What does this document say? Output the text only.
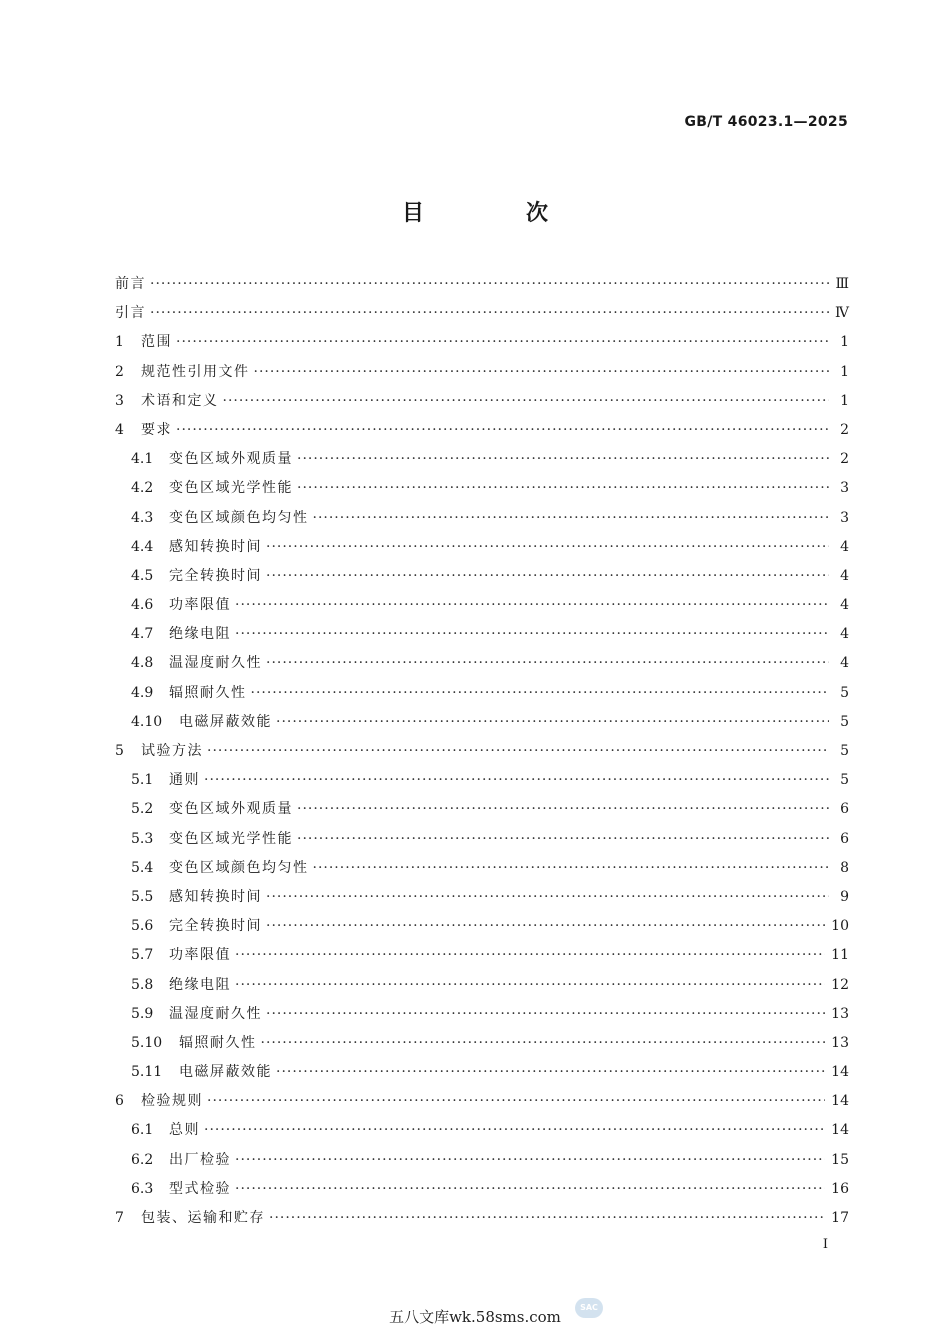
GB/T 46023.1—2025
目　次
前言 ·····	Ⅲ
引言 ·····	Ⅳ
1	范围 ·····	1
2	规范性引用文件 ·····	1
3	术语和定义 ·····	1
4	要求 ·····	2
4.1	变色区域外观质量 ·····	2
4.2	变色区域光学性能 ·····	3
4.3	变色区域颜色均匀性 ·····	3
4.4	感知转换时间 ·····	4
4.5	完全转换时间 ·····	4
4.6	功率限值 ·····	4
4.7	绝缘电阻 ·····	4
4.8	温湿度耐久性 ·····	4
4.9	辐照耐久性 ·····	5
4.10	电磁屏蔽效能 ·····	5
5	试验方法 ·····	5
5.1	通则 ·····	5
5.2	变色区域外观质量 ·····	6
5.3	变色区域光学性能 ·····	6
5.4	变色区域颜色均匀性 ·····	8
5.5	感知转换时间 ·····	9
5.6	完全转换时间 ·····	10
5.7	功率限值 ·····	11
5.8	绝缘电阻 ·····	12
5.9	温湿度耐久性 ·····	13
5.10	辐照耐久性 ·····	13
5.11	电磁屏蔽效能 ·····	14
6	检验规则 ·····	14
6.1	总则 ·····	14
6.2	出厂检验 ·····	15
6.3	型式检验 ·····	16
7	包装、运输和贮存 ·····	17
I
SAC
五八文库wk.58sms.com
